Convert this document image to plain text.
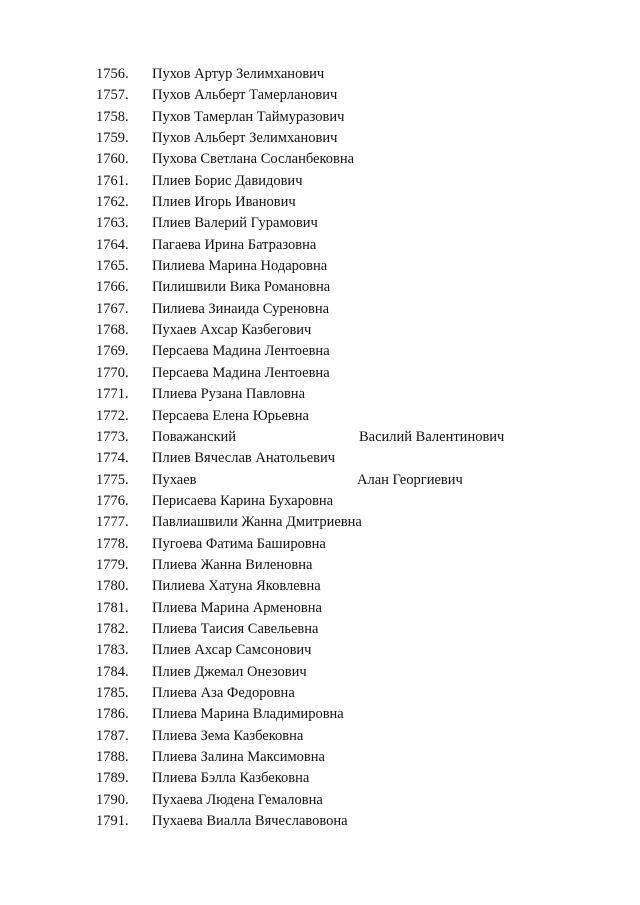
1756.	Пухов Артур Зелимханович
1757.	Пухов Альберт Тамерланович
1758.	Пухов Тамерлан Таймуразович
1759.	Пухов Альберт Зелимханович
1760.	Пухова Светлана Сосланбековна
1761.	Плиев Борис Давидович
1762.	Плиев Игорь Иванович
1763.	Плиев Валерий Гурамович
1764.	Пагаева Ирина Батразовна
1765.	Пилиева Марина Нодаровна
1766.	Пилишвили Вика Романовна
1767.	Пилиева Зинаида Суреновна
1768.	Пухаев Ахсар Казбегович
1769.	Персаева Мадина Лентоевна
1770.	Персаева Мадина Лентоевна
1771.	Плиева Рузана Павловна
1772.	Персаева Елена Юрьевна
1773.	Поважанский	Василий Валентинович
1774.	Плиев Вячеслав Анатольевич
1775.	Пухаев	Алан Георгиевич
1776.	Перисаева Карина Бухаровна
1777.	Павлиашвили Жанна Дмитриевна
1778.	Пугоева Фатима Башировна
1779.	Плиева Жанна Виленовна
1780.	Пилиева Хатуна Яковлевна
1781.	Плиева Марина Арменовна
1782.	Плиева Таисия Савельевна
1783.	Плиев Ахсар Самсонович
1784.	Плиев Джемал Онезович
1785.	Плиева Аза Федоровна
1786.	Плиева Марина Владимировна
1787.	Плиева Зема Казбековна
1788.	Плиева Залина Максимовна
1789.	Плиева Бэлла Казбековна
1790.	Пухаева Людена Гемаловна
1791.	Пухаева Виалла Вячеславовона
